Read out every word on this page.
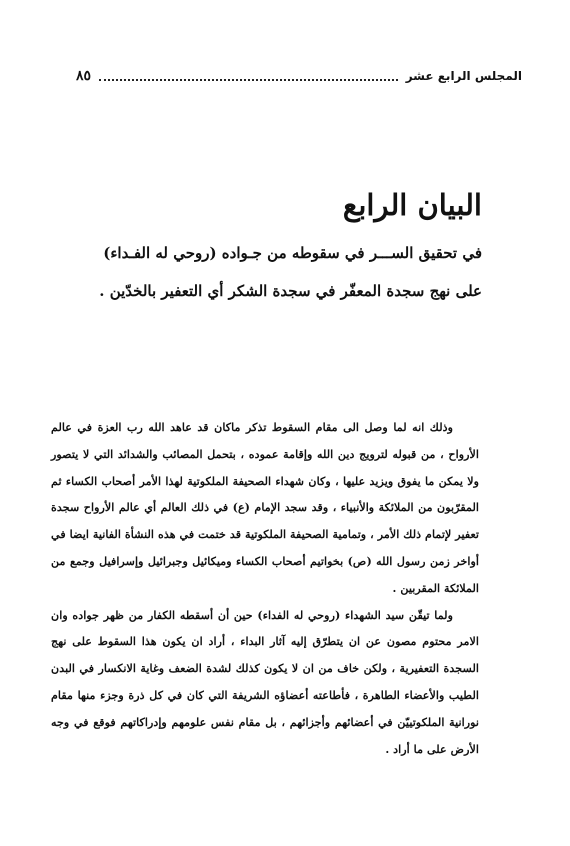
المجلس الرابع عشر
٨٥
البيان الرابع
في تحقيق الســـر في سقوطه من جـواده (روحي له الفـداء)
على نهج سجدة المعفّر في سجدة الشكر أي التعفير بالخدّين .

وذلك انه لما وصل الى مقام السقوط تذكر ماكان قد عاهد الله رب العزة في عالم الأرواح ، من قبوله لترويج دين الله وإقامة عموده ، بتحمل المصائب والشدائد التي لا يتصور ولا يمكن ما يفوق ويزيد عليها ، وكان شهداء الصحيفة الملكوتية لهذا الأمر أصحاب الكساء ثم المقرّبون من الملائكة والأنبياء ، وقد سجد الإمام (ع) في ذلك العالم أي عالم الأرواح سجدة تعفير لإتمام ذلك الأمر ، وتمامية الصحيفة الملكوتية قد ختمت في هذه النشأة الفانية ايضا في أواخر زمن رسول الله (ص) بخواتيم أصحاب الكساء وميكائيل وجبرائيل وإسرافيل وجمع من الملائكة المقربين .

ولما تيقّن سيد الشهداء (روحي له الفداء) حين أن أسقطه الكفار من ظهر جواده وان الامر محتوم مصون عن ان يتطرّق إليه آثار البداء ، أراد ان يكون هذا السقوط على نهج السجدة التعفيرية ، ولكن خاف من ان لا يكون كذلك لشدة الضعف وغاية الانكسار في البدن الطيب والأعضاء الطاهرة ، فأطاعته أعضاؤه الشريفة التي كان في كل ذرة وجزء منها مقام نورانية الملكوتييّن في أعضائهم وأجزائهم ، بل مقام نفس علومهم وإدراكاتهم فوقع في وجه الأرض على ما أراد .
